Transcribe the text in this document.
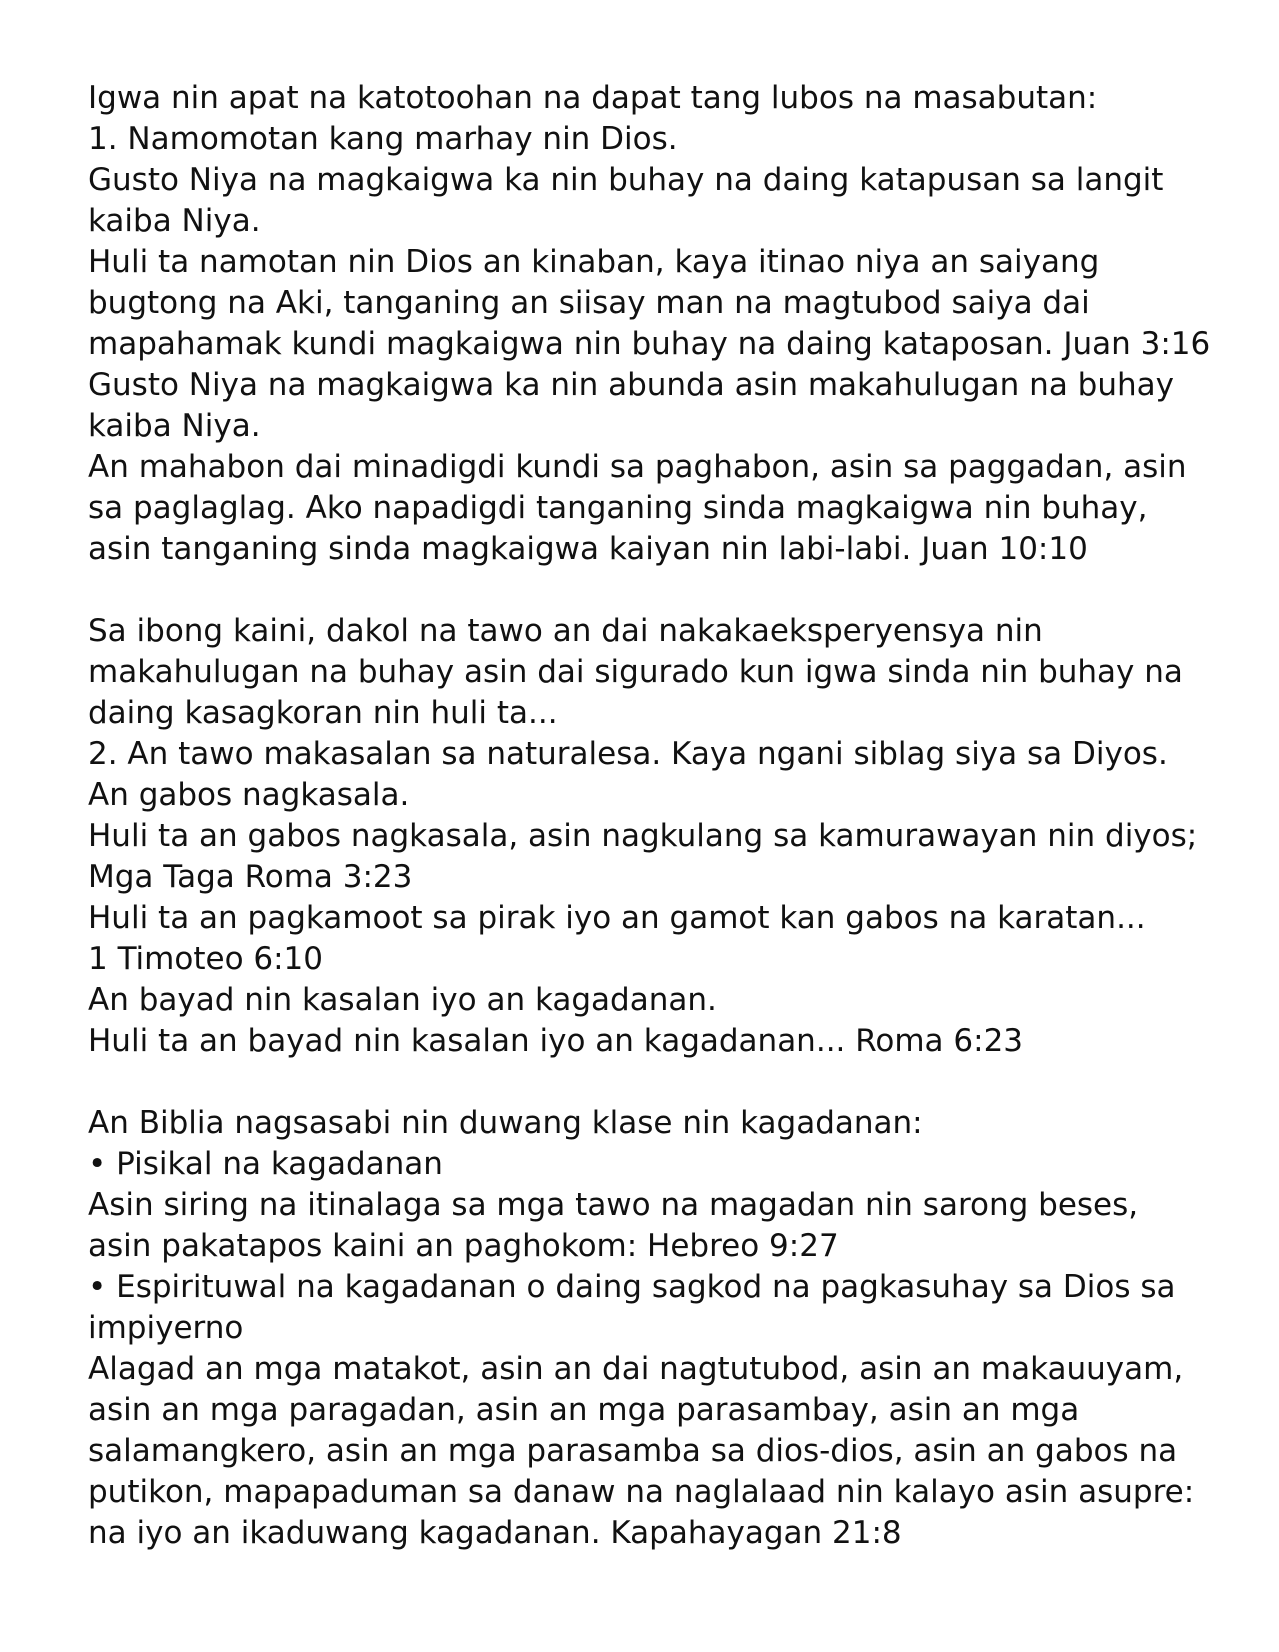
Igwa nin apat na katotoohan na dapat tang lubos na masabutan:

1. Namomotan kang marhay nin Dios.

Gusto Niya na magkaigwa ka nin buhay na daing katapusan sa langit

kaiba Niya.

Huli ta namotan nin Dios an kinaban, kaya itinao niya an saiyang

bugtong na Aki, tanganing an siisay man na magtubod saiya dai

mapahamak kundi magkaigwa nin buhay na daing kataposan. Juan 3:16

Gusto Niya na magkaigwa ka nin abunda asin makahulugan na buhay

kaiba Niya.

An mahabon dai minadigdi kundi sa paghabon, asin sa paggadan, asin

sa paglaglag. Ako napadigdi tanganing sinda magkaigwa nin buhay,

asin tanganing sinda magkaigwa kaiyan nin labi-labi. Juan 10:10

Sa ibong kaini, dakol na tawo an dai nakakaeksperyensya nin

makahulugan na buhay asin dai sigurado kun igwa sinda nin buhay na

daing kasagkoran nin huli ta...

2. An tawo makasalan sa naturalesa. Kaya ngani siblag siya sa Diyos.

An gabos nagkasala.

Huli ta an gabos nagkasala, asin nagkulang sa kamurawayan nin diyos;

Mga Taga Roma 3:23

Huli ta an pagkamoot sa pirak iyo an gamot kan gabos na karatan...

1 Timoteo 6:10

An bayad nin kasalan iyo an kagadanan.

Huli ta an bayad nin kasalan iyo an kagadanan... Roma 6:23

An Biblia nagsasabi nin duwang klase nin kagadanan:

• Pisikal na kagadanan

Asin siring na itinalaga sa mga tawo na magadan nin sarong beses,

asin pakatapos kaini an paghokom: Hebreo 9:27

• Espirituwal na kagadanan o daing sagkod na pagkasuhay sa Dios sa

impiyerno

Alagad an mga matakot, asin an dai nagtutubod, asin an makauuyam,

asin an mga paragadan, asin an mga parasambay, asin an mga

salamangkero, asin an mga parasamba sa dios-dios, asin an gabos na

putikon, mapapaduman sa danaw na naglalaad nin kalayo asin asupre:

na iyo an ikaduwang kagadanan. Kapahayagan 21:8
